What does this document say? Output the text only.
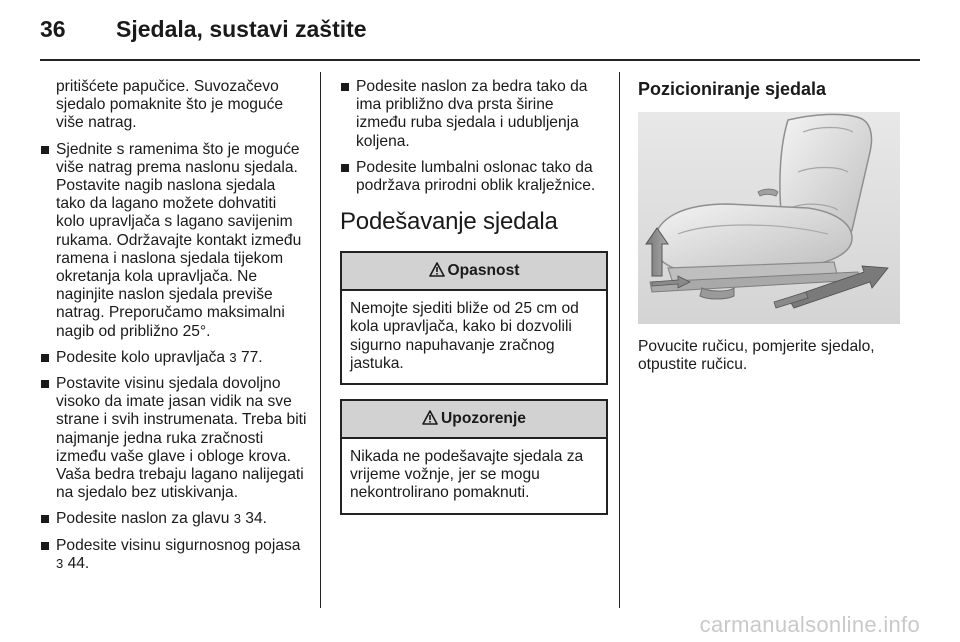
36 Sjedala, sustavi zaštite

pritišćete papučice. Suvozačevo sjedalo pomaknite što je moguće više natrag.

Sjednite s ramenima što je moguće više natrag prema naslonu sjedala. Postavite nagib naslona sjedala tako da lagano možete dohvatiti kolo upravljača s lagano savijenim rukama. Održavajte kontakt između ramena i naslona sjedala tijekom okretanja kola upravljača. Ne naginjite naslon sjedala previše natrag. Preporučamo maksimalni nagib od približno 25°.

Podesite kolo upravljača 3 77.

Postavite visinu sjedala dovoljno visoko da imate jasan vidik na sve strane i svih instrumenata. Treba biti najmanje jedna ruka zračnosti između vaše glave i obloge krova. Vaša bedra trebaju lagano nalijegati na sjedalo bez utiskivanja.

Podesite naslon za glavu 3 34.

Podesite visinu sigurnosnog pojasa 3 44.

Podesite naslon za bedra tako da ima približno dva prsta širine između ruba sjedala i udubljenja koljena.

Podesite lumbalni oslonac tako da podržava prirodni oblik kralježnice.

Podešavanje sjedala
Opasnost
Nemojte sjediti bliže od 25 cm od kola upravljača, kako bi dozvolili sigurno napuhavanje zračnog jastuka.
Upozorenje
Nikada ne podešavajte sjedala za vrijeme vožnje, jer se mogu nekontrolirano pomaknuti.
Pozicioniranje sjedala

Povucite ručicu, pomjerite sjedalo, otpustite ručicu.

carmanualsonline.info
